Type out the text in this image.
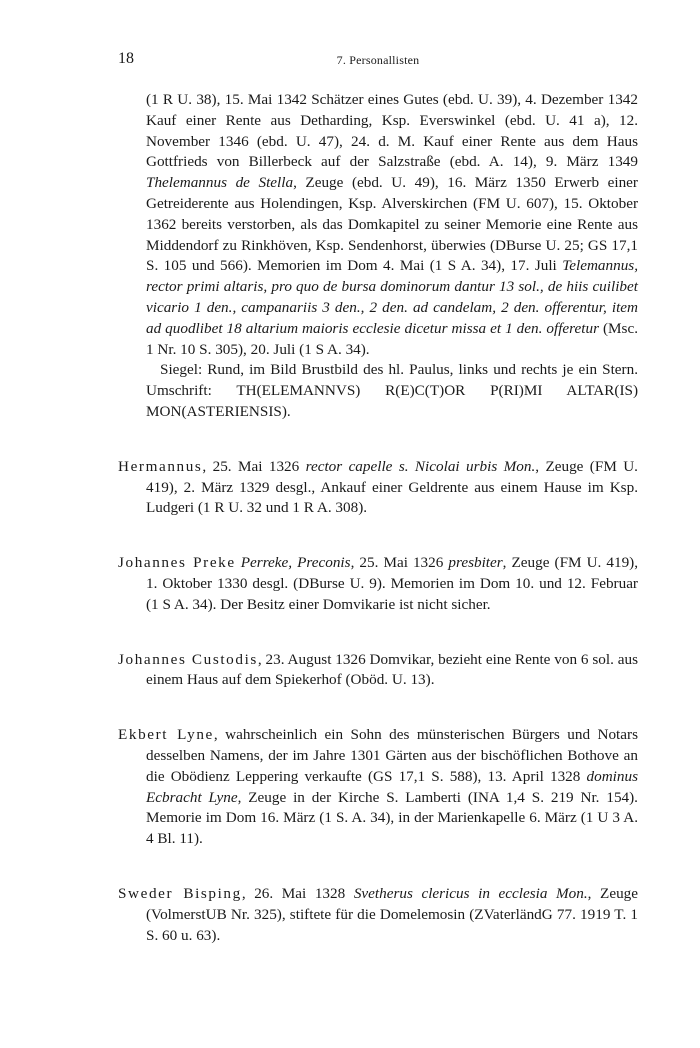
18	7. Personallisten

(1 R U. 38), 15. Mai 1342 Schätzer eines Gutes (ebd. U. 39), 4. Dezember 1342 Kauf einer Rente aus Detharding, Ksp. Everswinkel (ebd. U. 41 a), 12. November 1346 (ebd. U. 47), 24. d. M. Kauf einer Rente aus dem Haus Gottfrieds von Billerbeck auf der Salzstraße (ebd. A. 14), 9. März 1349 Thelemannus de Stella, Zeuge (ebd. U. 49), 16. März 1350 Erwerb einer Getreiderente aus Holendingen, Ksp. Alverskirchen (FM U. 607), 15. Oktober 1362 bereits verstorben, als das Domkapitel zu seiner Memorie eine Rente aus Middendorf zu Rinkhöven, Ksp. Sendenhorst, überwies (DBurse U. 25; GS 17,1 S. 105 und 566). Memorien im Dom 4. Mai (1 S A. 34), 17. Juli Telemannus, rector primi altaris, pro quo de bursa dominorum dantur 13 sol., de hiis cuilibet vicario 1 den., campanariis 3 den., 2 den. ad candelam, 2 den. offerentur, item ad quodlibet 18 altarium maioris ecclesie dicetur missa et 1 den. offeretur (Msc. 1 Nr. 10 S. 305), 20. Juli (1 S A. 34).

Siegel: Rund, im Bild Brustbild des hl. Paulus, links und rechts je ein Stern. Umschrift: TH(ELEMANNVS) R(E)C(T)OR P(RI)MI ALTAR(IS) MON(ASTERIENSIS).

Hermannus, 25. Mai 1326 rector capelle s. Nicolai urbis Mon., Zeuge (FM U. 419), 2. März 1329 desgl., Ankauf einer Geldrente aus einem Hause im Ksp. Ludgeri (1 R U. 32 und 1 R A. 308).

Johannes Preke Perreke, Preconis, 25. Mai 1326 presbiter, Zeuge (FM U. 419), 1. Oktober 1330 desgl. (DBurse U. 9). Memorien im Dom 10. und 12. Februar (1 S A. 34). Der Besitz einer Domvikarie ist nicht sicher.

Johannes Custodis, 23. August 1326 Domvikar, bezieht eine Rente von 6 sol. aus einem Haus auf dem Spiekerhof (Oböd. U. 13).

Ekbert Lyne, wahrscheinlich ein Sohn des münsterischen Bürgers und Notars desselben Namens, der im Jahre 1301 Gärten aus der bischöflichen Bothove an die Obödienz Leppering verkaufte (GS 17,1 S. 588), 13. April 1328 dominus Ecbracht Lyne, Zeuge in der Kirche S. Lamberti (INA 1,4 S. 219 Nr. 154). Memorie im Dom 16. März (1 S. A. 34), in der Marienkapelle 6. März (1 U 3 A. 4 Bl. 11).

Sweder Bisping, 26. Mai 1328 Svetherus clericus in ecclesia Mon., Zeuge (VolmerstUB Nr. 325), stiftete für die Domelemosin (ZVaterländG 77. 1919 T. 1 S. 60 u. 63).
